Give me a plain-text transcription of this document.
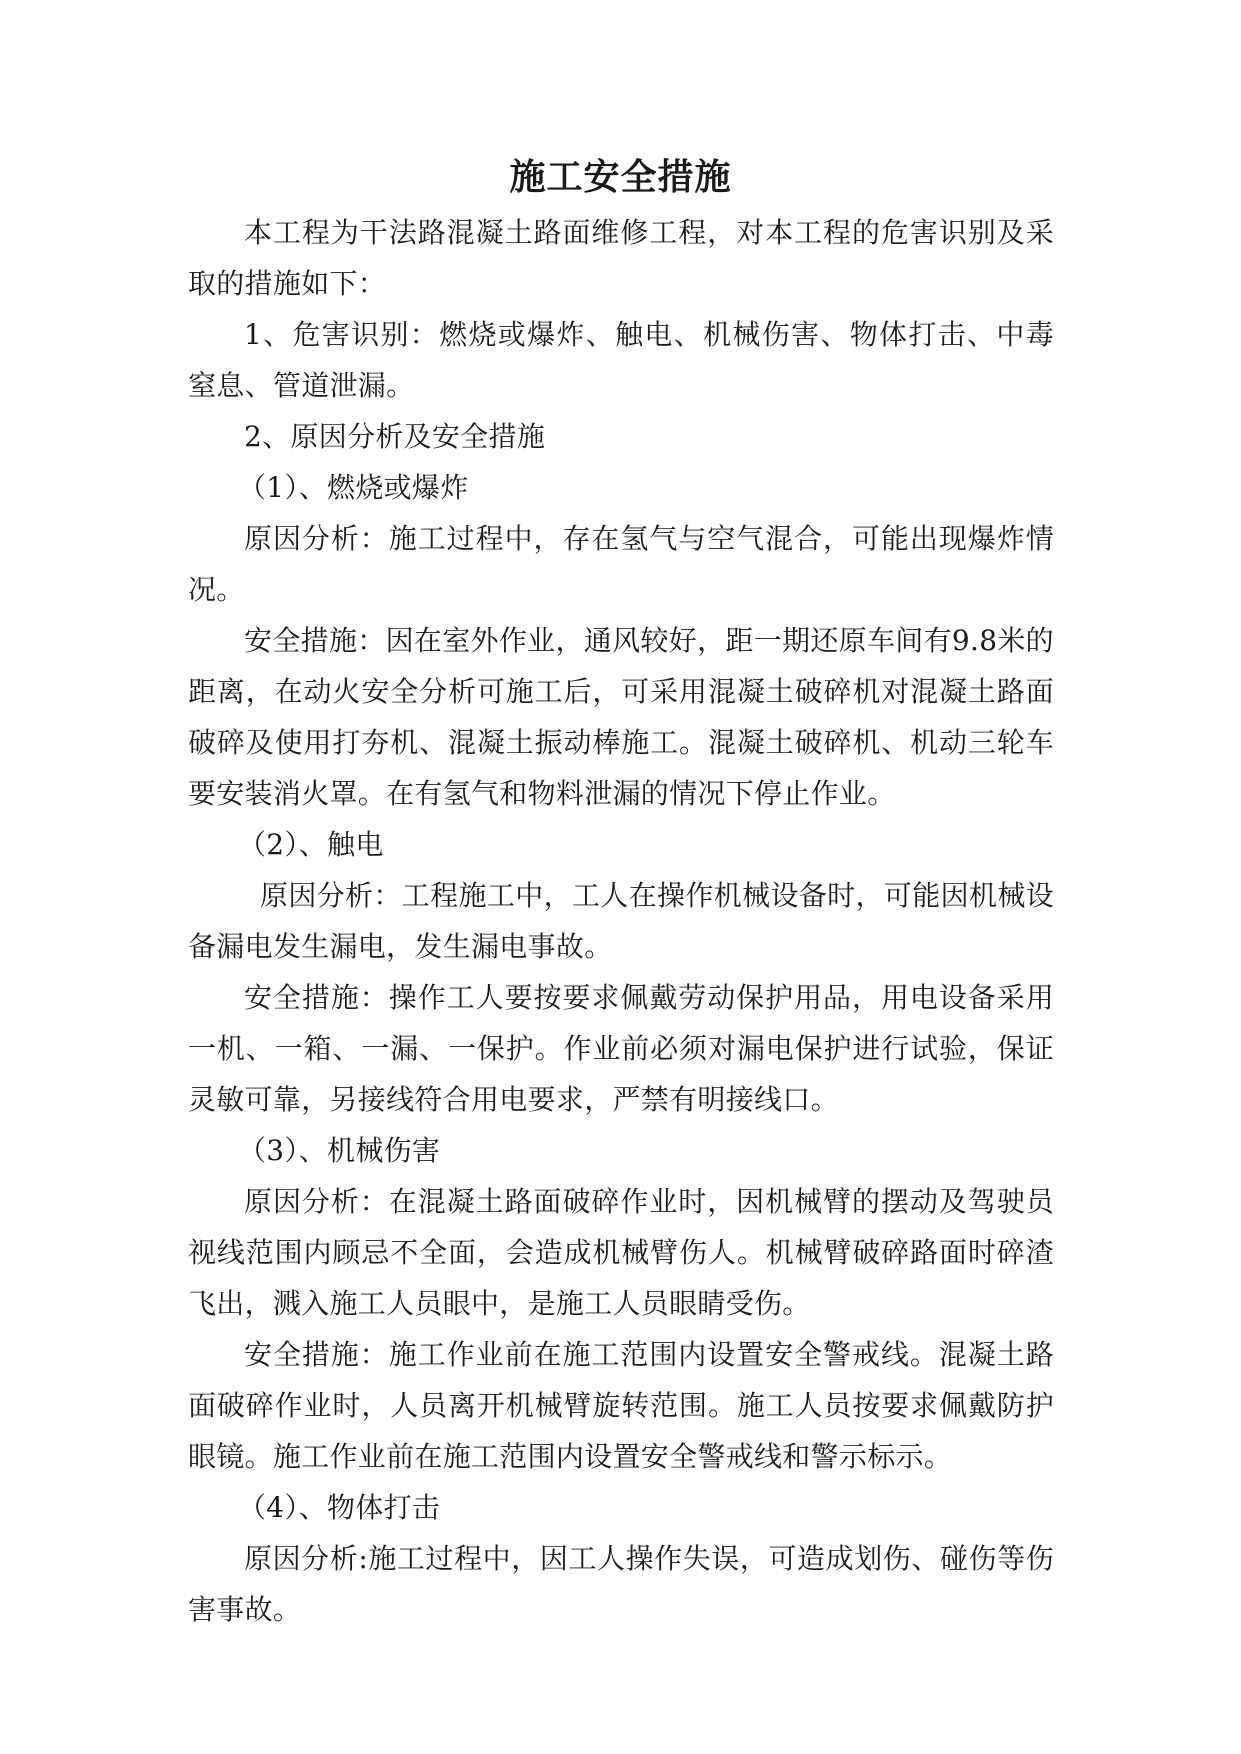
施工安全措施

本工程为干法路混凝土路面维修工程，对本工程的危害识别及采取的措施如下：

1、危害识别：燃烧或爆炸、触电、机械伤害、物体打击、中毒窒息、管道泄漏。

2、原因分析及安全措施

（1）、燃烧或爆炸

原因分析：施工过程中，存在氢气与空气混合，可能出现爆炸情况。

安全措施：因在室外作业，通风较好，距一期还原车间有9.8米的距离，在动火安全分析可施工后，可采用混凝土破碎机对混凝土路面破碎及使用打夯机、混凝土振动棒施工。混凝土破碎机、机动三轮车要安装消火罩。在有氢气和物料泄漏的情况下停止作业。

（2）、触电

原因分析：工程施工中，工人在操作机械设备时，可能因机械设备漏电发生漏电，发生漏电事故。

安全措施：操作工人要按要求佩戴劳动保护用品，用电设备采用一机、一箱、一漏、一保护。作业前必须对漏电保护进行试验，保证灵敏可靠，另接线符合用电要求，严禁有明接线口。

（3）、机械伤害

原因分析：在混凝土路面破碎作业时，因机械臂的摆动及驾驶员视线范围内顾忌不全面，会造成机械臂伤人。机械臂破碎路面时碎渣飞出，溅入施工人员眼中，是施工人员眼睛受伤。

安全措施：施工作业前在施工范围内设置安全警戒线。混凝土路面破碎作业时，人员离开机械臂旋转范围。施工人员按要求佩戴防护眼镜。施工作业前在施工范围内设置安全警戒线和警示标示。

（4）、物体打击

原因分析:施工过程中，因工人操作失误，可造成划伤、碰伤等伤害事故。
